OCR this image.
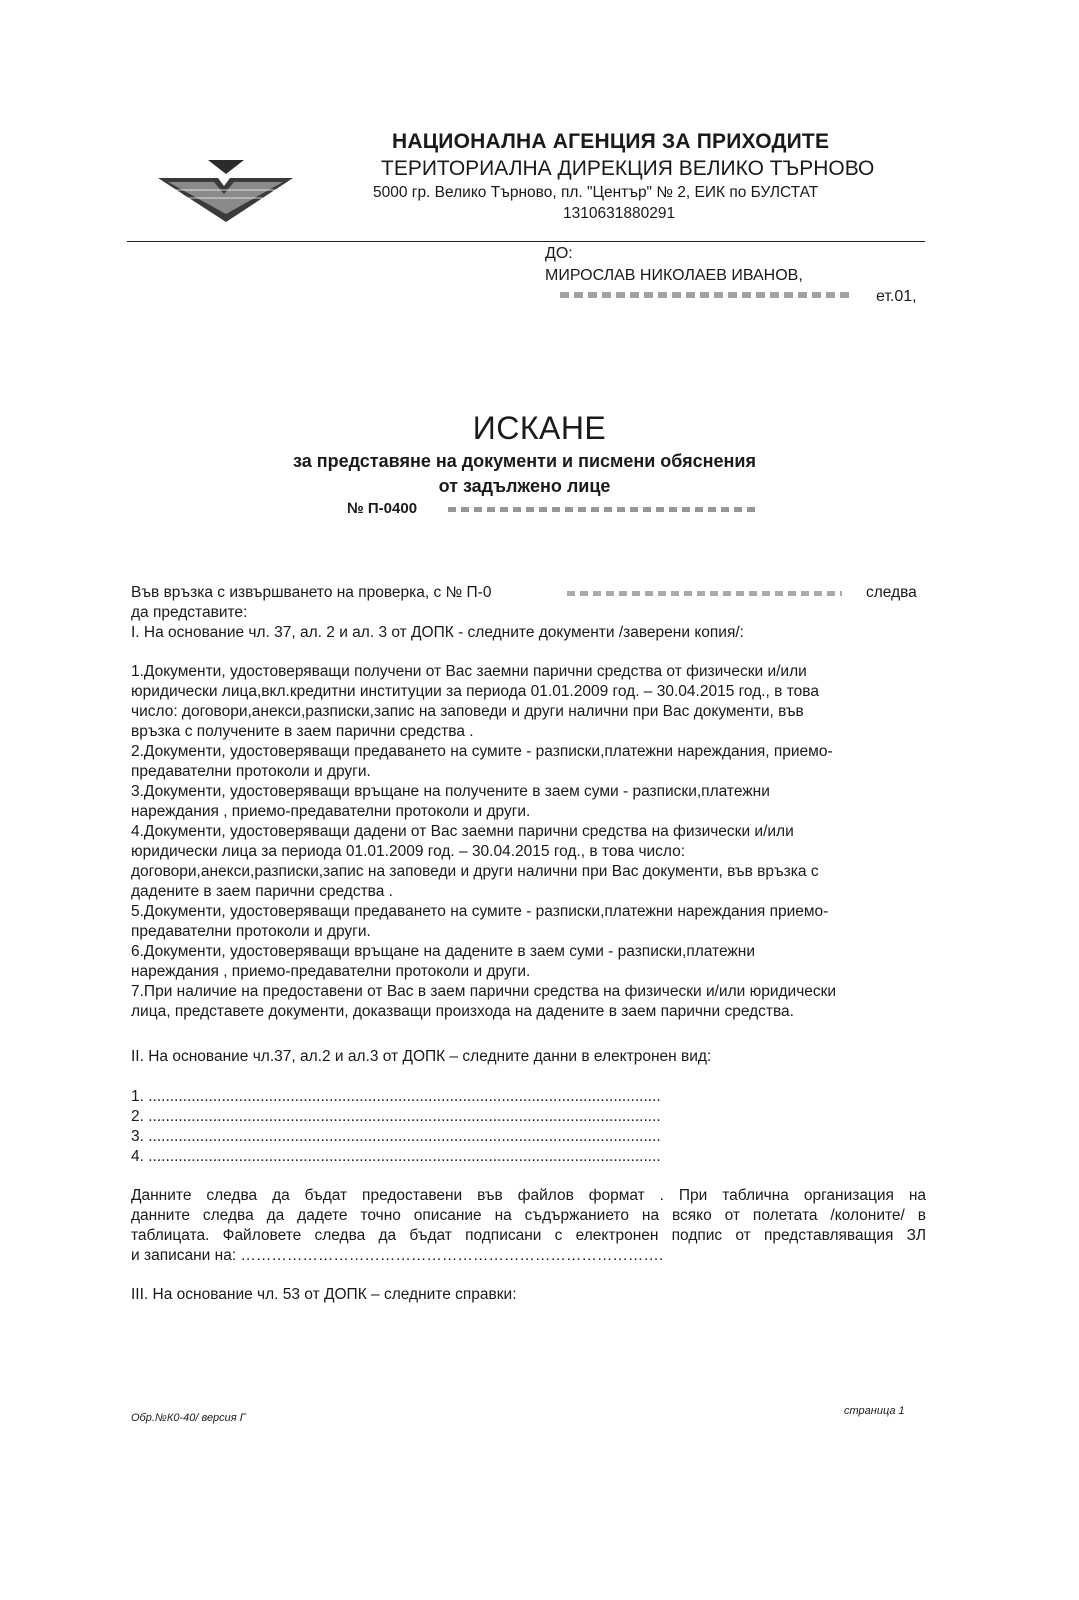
НАЦИОНАЛНА АГЕНЦИЯ ЗА ПРИХОДИТЕ
ТЕРИТОРИАЛНА ДИРЕКЦИЯ ВЕЛИКО ТЪРНОВО
5000 гр. Велико Търново, пл. "Център" № 2, ЕИК по БУЛСТАТ
1310631880291
ДО:
МИРОСЛАВ НИКОЛАЕВ ИВАНОВ,
ет.01,
ИСКАНЕ
за представяне на документи и писмени обяснения
от задължено лице
№ П-0400
Във връзка с извършването на проверка, с № П-0	следва
да представите:
I. На основание чл. 37, ал. 2 и ал. 3 от ДОПК - следните документи /заверени копия/:
1.Документи, удостоверяващи получени от Вас заемни парични средства от физически и/или
юридически лица,вкл.кредитни институции за периода 01.01.2009 год. – 30.04.2015 год., в това
число: договори,анекси,разписки,запис на заповеди и други налични при Вас документи, във
връзка с получените в заем парични средства .
2.Документи, удостоверяващи предаването на сумите - разписки,платежни нареждания, приемо-
предавателни протоколи и други.
3.Документи, удостоверяващи връщане на получените в заем суми - разписки,платежни
нареждания , приемо-предавателни протоколи и други.
4.Документи, удостоверяващи дадени от Вас заемни парични средства на физически и/или
юридически лица за периода 01.01.2009 год. – 30.04.2015 год., в това число:
договори,анекси,разписки,запис на заповеди и други налични при Вас документи, във връзка с
дадените в заем парични средства .
5.Документи, удостоверяващи предаването на сумите - разписки,платежни нареждания приемо-
предавателни протоколи и други.
6.Документи, удостоверяващи връщане на дадените в заем суми - разписки,платежни
нареждания , приемо-предавателни протоколи и други.
7.При наличие на предоставени от Вас в заем парични средства на физически и/или юридически
лица, представете документи, доказващи произхода на дадените в заем парични средства.
II. На основание чл.37, ал.2 и ал.3 от ДОПК – следните данни в електронен вид:
1. .......................................................................................................................
2. .......................................................................................................................
3. .......................................................................................................................
4. .......................................................................................................................
Данните следва да бъдат предоставени във файлов формат . При таблична организация на
данните следва да дадете точно описание на съдържанието на всяко от полетата /колоните/ в
таблицата. Файловете следва да бъдат подписани с електронен подпис от представляващия ЗЛ
и записани на: ……………………………………………………………………….
III. На основание чл. 53 от ДОПК – следните справки:
Обр.№К0-40/ версия Г
страница 1
